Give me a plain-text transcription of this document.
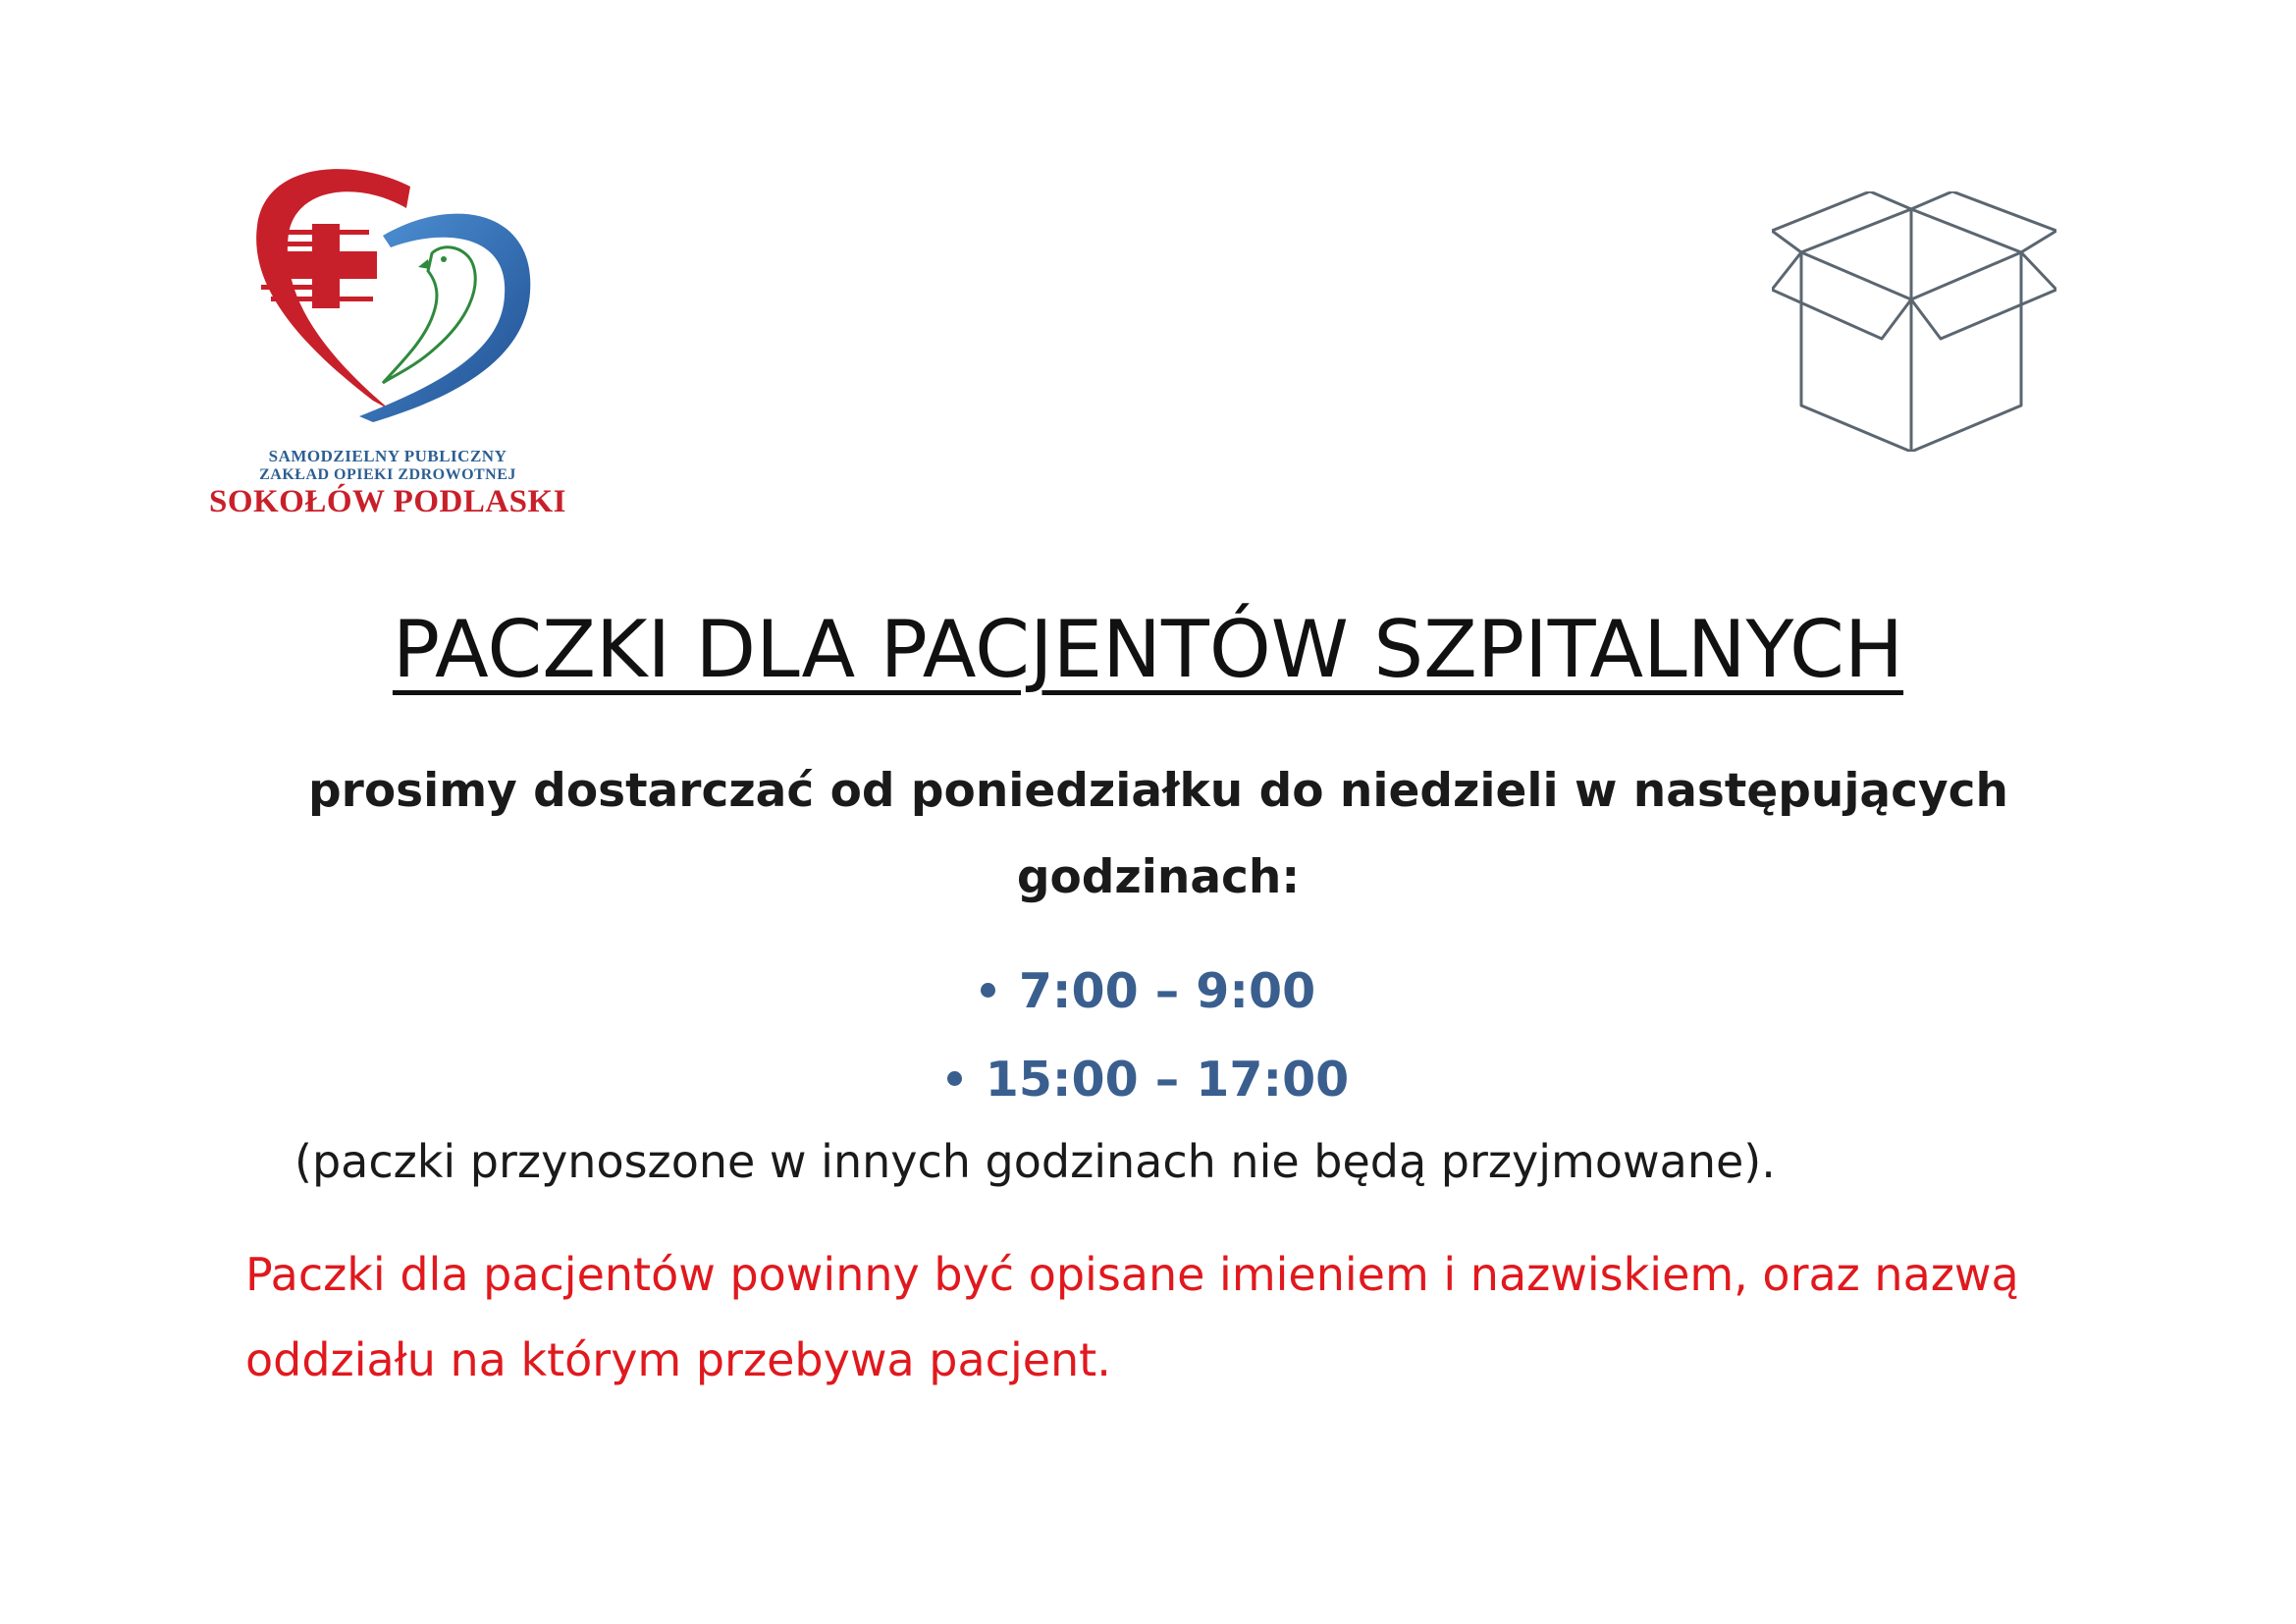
SAMODZIELNY PUBLICZNY
ZAKŁAD OPIEKI ZDROWOTNEJ
SOKOŁÓW PODLASKI
PACZKI DLA PACJENTÓW SZPITALNYCH
prosimy dostarczać od poniedziałku do niedzieli w następujących godzinach:
7:00 – 9:00
15:00 – 17:00
(paczki przynoszone w innych godzinach nie będą przyjmowane).
Paczki dla pacjentów powinny być opisane imieniem i nazwiskiem, oraz nazwą oddziału na którym przebywa pacjent.
